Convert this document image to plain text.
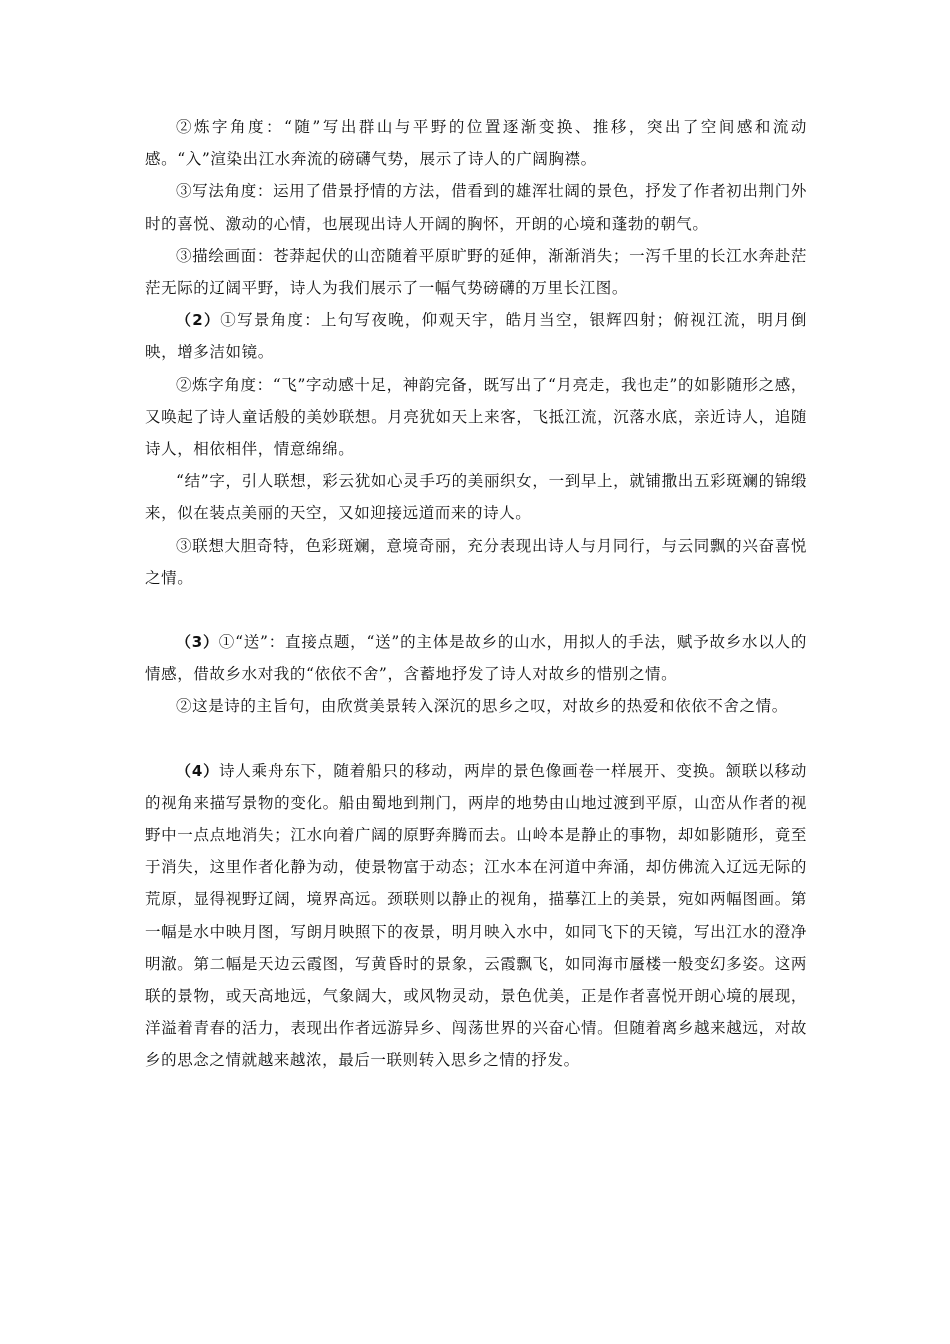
②炼字角度：“随”写出群山与平野的位置逐渐变换、推移，突出了空间感和流动感。“入”渲染出江水奔流的磅礴气势，展示了诗人的广阔胸襟。

③写法角度：运用了借景抒情的方法，借看到的雄浑壮阔的景色，抒发了作者初出荆门外时的喜悦、激动的心情，也展现出诗人开阔的胸怀，开朗的心境和蓬勃的朝气。

③描绘画面：苍莽起伏的山峦随着平原旷野的延伸，渐渐消失；一泻千里的长江水奔赴茫茫无际的辽阔平野，诗人为我们展示了一幅气势磅礴的万里长江图。

（2）①写景角度：上句写夜晚，仰观天宇，皓月当空，银辉四射；俯视江流，明月倒映，增多洁如镜。

②炼字角度：“飞”字动感十足，神韵完备，既写出了“月亮走，我也走”的如影随形之感，又唤起了诗人童话般的美妙联想。月亮犹如天上来客，飞抵江流，沉落水底，亲近诗人，追随诗人，相依相伴，情意绵绵。

“结”字，引人联想，彩云犹如心灵手巧的美丽织女，一到早上，就铺撒出五彩斑斓的锦缎来，似在装点美丽的天空，又如迎接远道而来的诗人。

③联想大胆奇特，色彩斑斓，意境奇丽，充分表现出诗人与月同行，与云同飘的兴奋喜悦之情。

（3）①“送”：直接点题，“送”的主体是故乡的山水，用拟人的手法，赋予故乡水以人的情感，借故乡水对我的“依依不舍”，含蓄地抒发了诗人对故乡的惜别之情。

②这是诗的主旨句，由欣赏美景转入深沉的思乡之叹，对故乡的热爱和依依不舍之情。

（4）诗人乘舟东下，随着船只的移动，两岸的景色像画卷一样展开、变换。颔联以移动的视角来描写景物的变化。船由蜀地到荆门，两岸的地势由山地过渡到平原，山峦从作者的视野中一点点地消失；江水向着广阔的原野奔腾而去。山岭本是静止的事物，却如影随形，竟至于消失，这里作者化静为动，使景物富于动态；江水本在河道中奔涌，却仿佛流入辽远无际的荒原，显得视野辽阔，境界高远。颈联则以静止的视角，描摹江上的美景，宛如两幅图画。第一幅是水中映月图，写朗月映照下的夜景，明月映入水中，如同飞下的天镜，写出江水的澄净明澈。第二幅是天边云霞图，写黄昏时的景象，云霞飘飞，如同海市蜃楼一般变幻多姿。这两联的景物，或天高地远，气象阔大，或风物灵动，景色优美，正是作者喜悦开朗心境的展现，洋溢着青春的活力，表现出作者远游异乡、闯荡世界的兴奋心情。但随着离乡越来越远，对故乡的思念之情就越来越浓，最后一联则转入思乡之情的抒发。
